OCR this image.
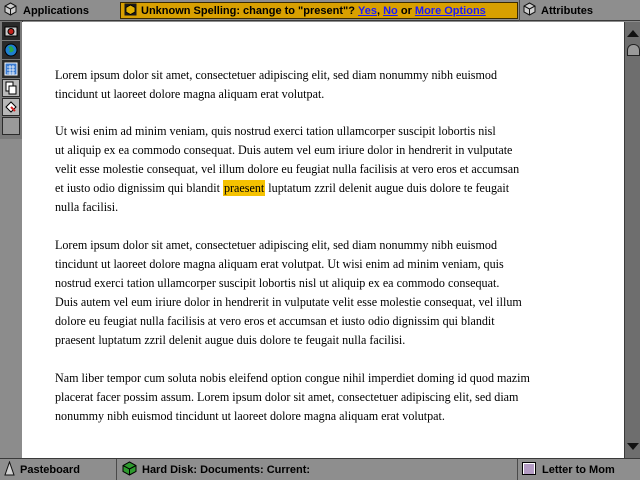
Applications	Unknown Spelling: change to "present"?
Yes ,
No
or
More Options	Attributes
Lorem ipsum dolor sit amet, consectetuer adipiscing elit, sed diam nonummy nibh euismod
tincidunt ut laoreet dolore magna aliquam erat volutpat.
Ut wisi enim ad minim veniam, quis nostrud exerci tation ullamcorper suscipit lobortis nisl
ut aliquip ex ea commodo consequat. Duis autem vel eum iriure dolor in hendrerit in vulputate
velit esse molestie consequat, vel illum dolore eu feugiat nulla facilisis at vero eros et accumsan
et iusto odio dignissim qui blandit praesent luptatum zzril delenit augue duis dolore te feugait
nulla facilisi.
Lorem ipsum dolor sit amet, consectetuer adipiscing elit, sed diam nonummy nibh euismod
tincidunt ut laoreet dolore magna aliquam erat volutpat. Ut wisi enim ad minim veniam, quis
nostrud exerci tation ullamcorper suscipit lobortis nisl ut aliquip ex ea commodo consequat.
Duis autem vel eum iriure dolor in hendrerit in vulputate velit esse molestie consequat, vel illum
dolore eu feugiat nulla facilisis at vero eros et accumsan et iusto odio dignissim qui blandit
praesent luptatum zzril delenit augue duis dolore te feugait nulla facilisi.
Nam liber tempor cum soluta nobis eleifend option congue nihil imperdiet doming id quod mazim
placerat facer possim assum. Lorem ipsum dolor sit amet, consectetuer adipiscing elit, sed diam
nonummy nibh euismod tincidunt ut laoreet dolore magna aliquam erat volutpat.
Pasteboard	Hard Disk: Documents: Current:	Letter to Mom
